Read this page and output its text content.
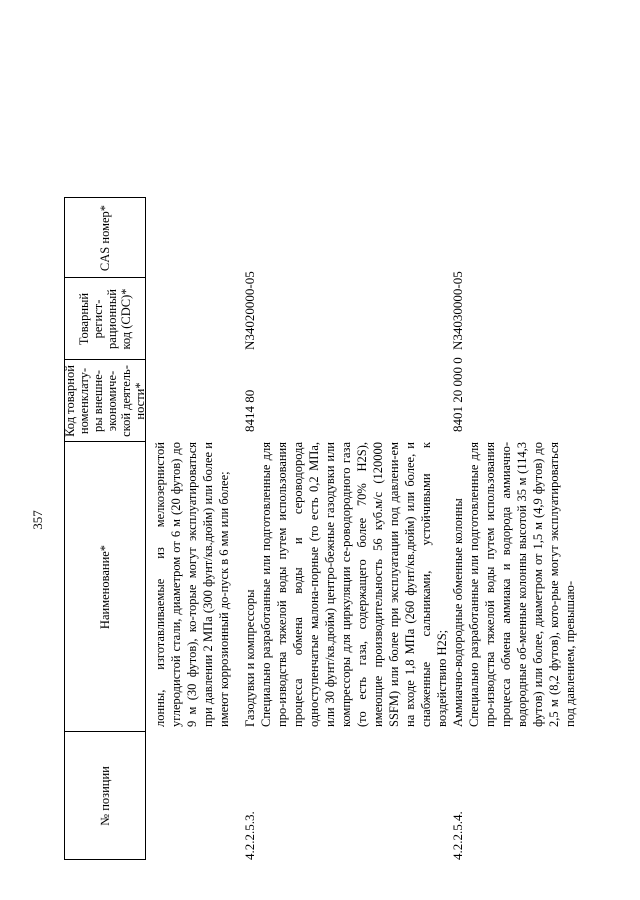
357
№ позиции
Наименование*
Код товарной номенклату-ры внешне-экономиче-ской деятель-ности*
Товарный регист-рационный код (CDC)*
CAS номер*

лонны, изготавливаемые из мелкозернистой углеродистой стали, диаметром от 6 м (20 футов) до 9 м (30 футов), ко-торые могут эксплуатироваться при давлении 2 МПа (300 фунт/кв.дюйм) или более и имеют коррозионный до-пуск в 6 мм или более;

4.2.2.5.3.

Газодувки и компрессоры Специально разработанные или подготовленные для про-изводства тяжелой воды путем использования процесса обмена воды и сероводорода одноступенчатые малона-порные (то есть 0,2 МПа, или 30 фунт/кв.дюйм) центро-бежные газодувки или компрессоры для циркуляции се-роводородного газа (то есть газа, содержащего более 70% H2S), имеющие производительность 56 куб.м/с (120000 SSFM) или более при эксплуатации под давлени-ем на входе 1,8 МПа (260 фунт/кв.дюйм) или более, и снабженные сальниками, устойчивыми к воздействию H2S;

8414 80
N34020000-05
4.2.2.5.4.

Аммиачно-водородные обменные колонны Специально разработанные или подготовленные для про-изводства тяжелой воды путем использования процесса обмена аммиака и водорода аммиачно-водородные об-менные колонны высотой 35 м (114,3 футов) или более, диаметром от 1,5 м (4,9 футов) до 2,5 м (8,2 футов), кото-рые могут эксплуатироваться под давлением, превышаю-

8401 20 000 0
N34030000-05
